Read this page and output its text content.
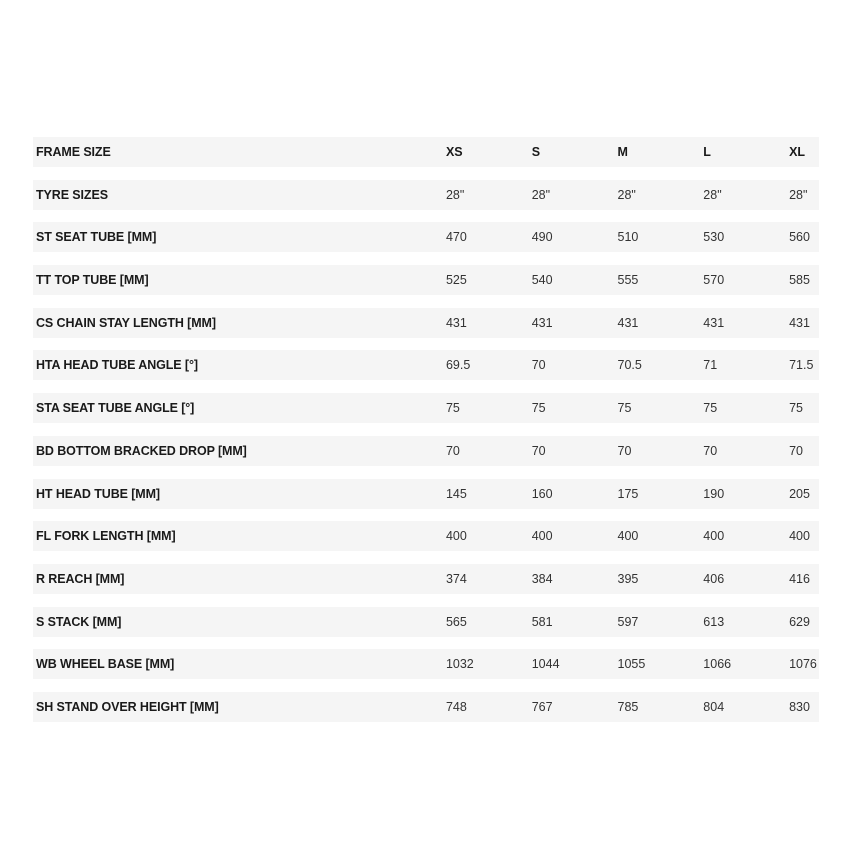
FRAME SIZE	XS	S	M	L	XL
TYRE SIZES	28"	28"	28"	28"	28"
ST SEAT TUBE [MM]	470	490	510	530	560
TT TOP TUBE [MM]	525	540	555	570	585
CS CHAIN STAY LENGTH [MM]	431	431	431	431	431
HTA HEAD TUBE ANGLE [°]	69.5	70	70.5	71	71.5
STA SEAT TUBE ANGLE [°]	75	75	75	75	75
BD BOTTOM BRACKED DROP [MM]	70	70	70	70	70
HT HEAD TUBE [MM]	145	160	175	190	205
FL FORK LENGTH [MM]	400	400	400	400	400
R REACH [MM]	374	384	395	406	416
S STACK [MM]	565	581	597	613	629
WB WHEEL BASE [MM]	1032	1044	1055	1066	1076
SH STAND OVER HEIGHT [MM]	748	767	785	804	830
